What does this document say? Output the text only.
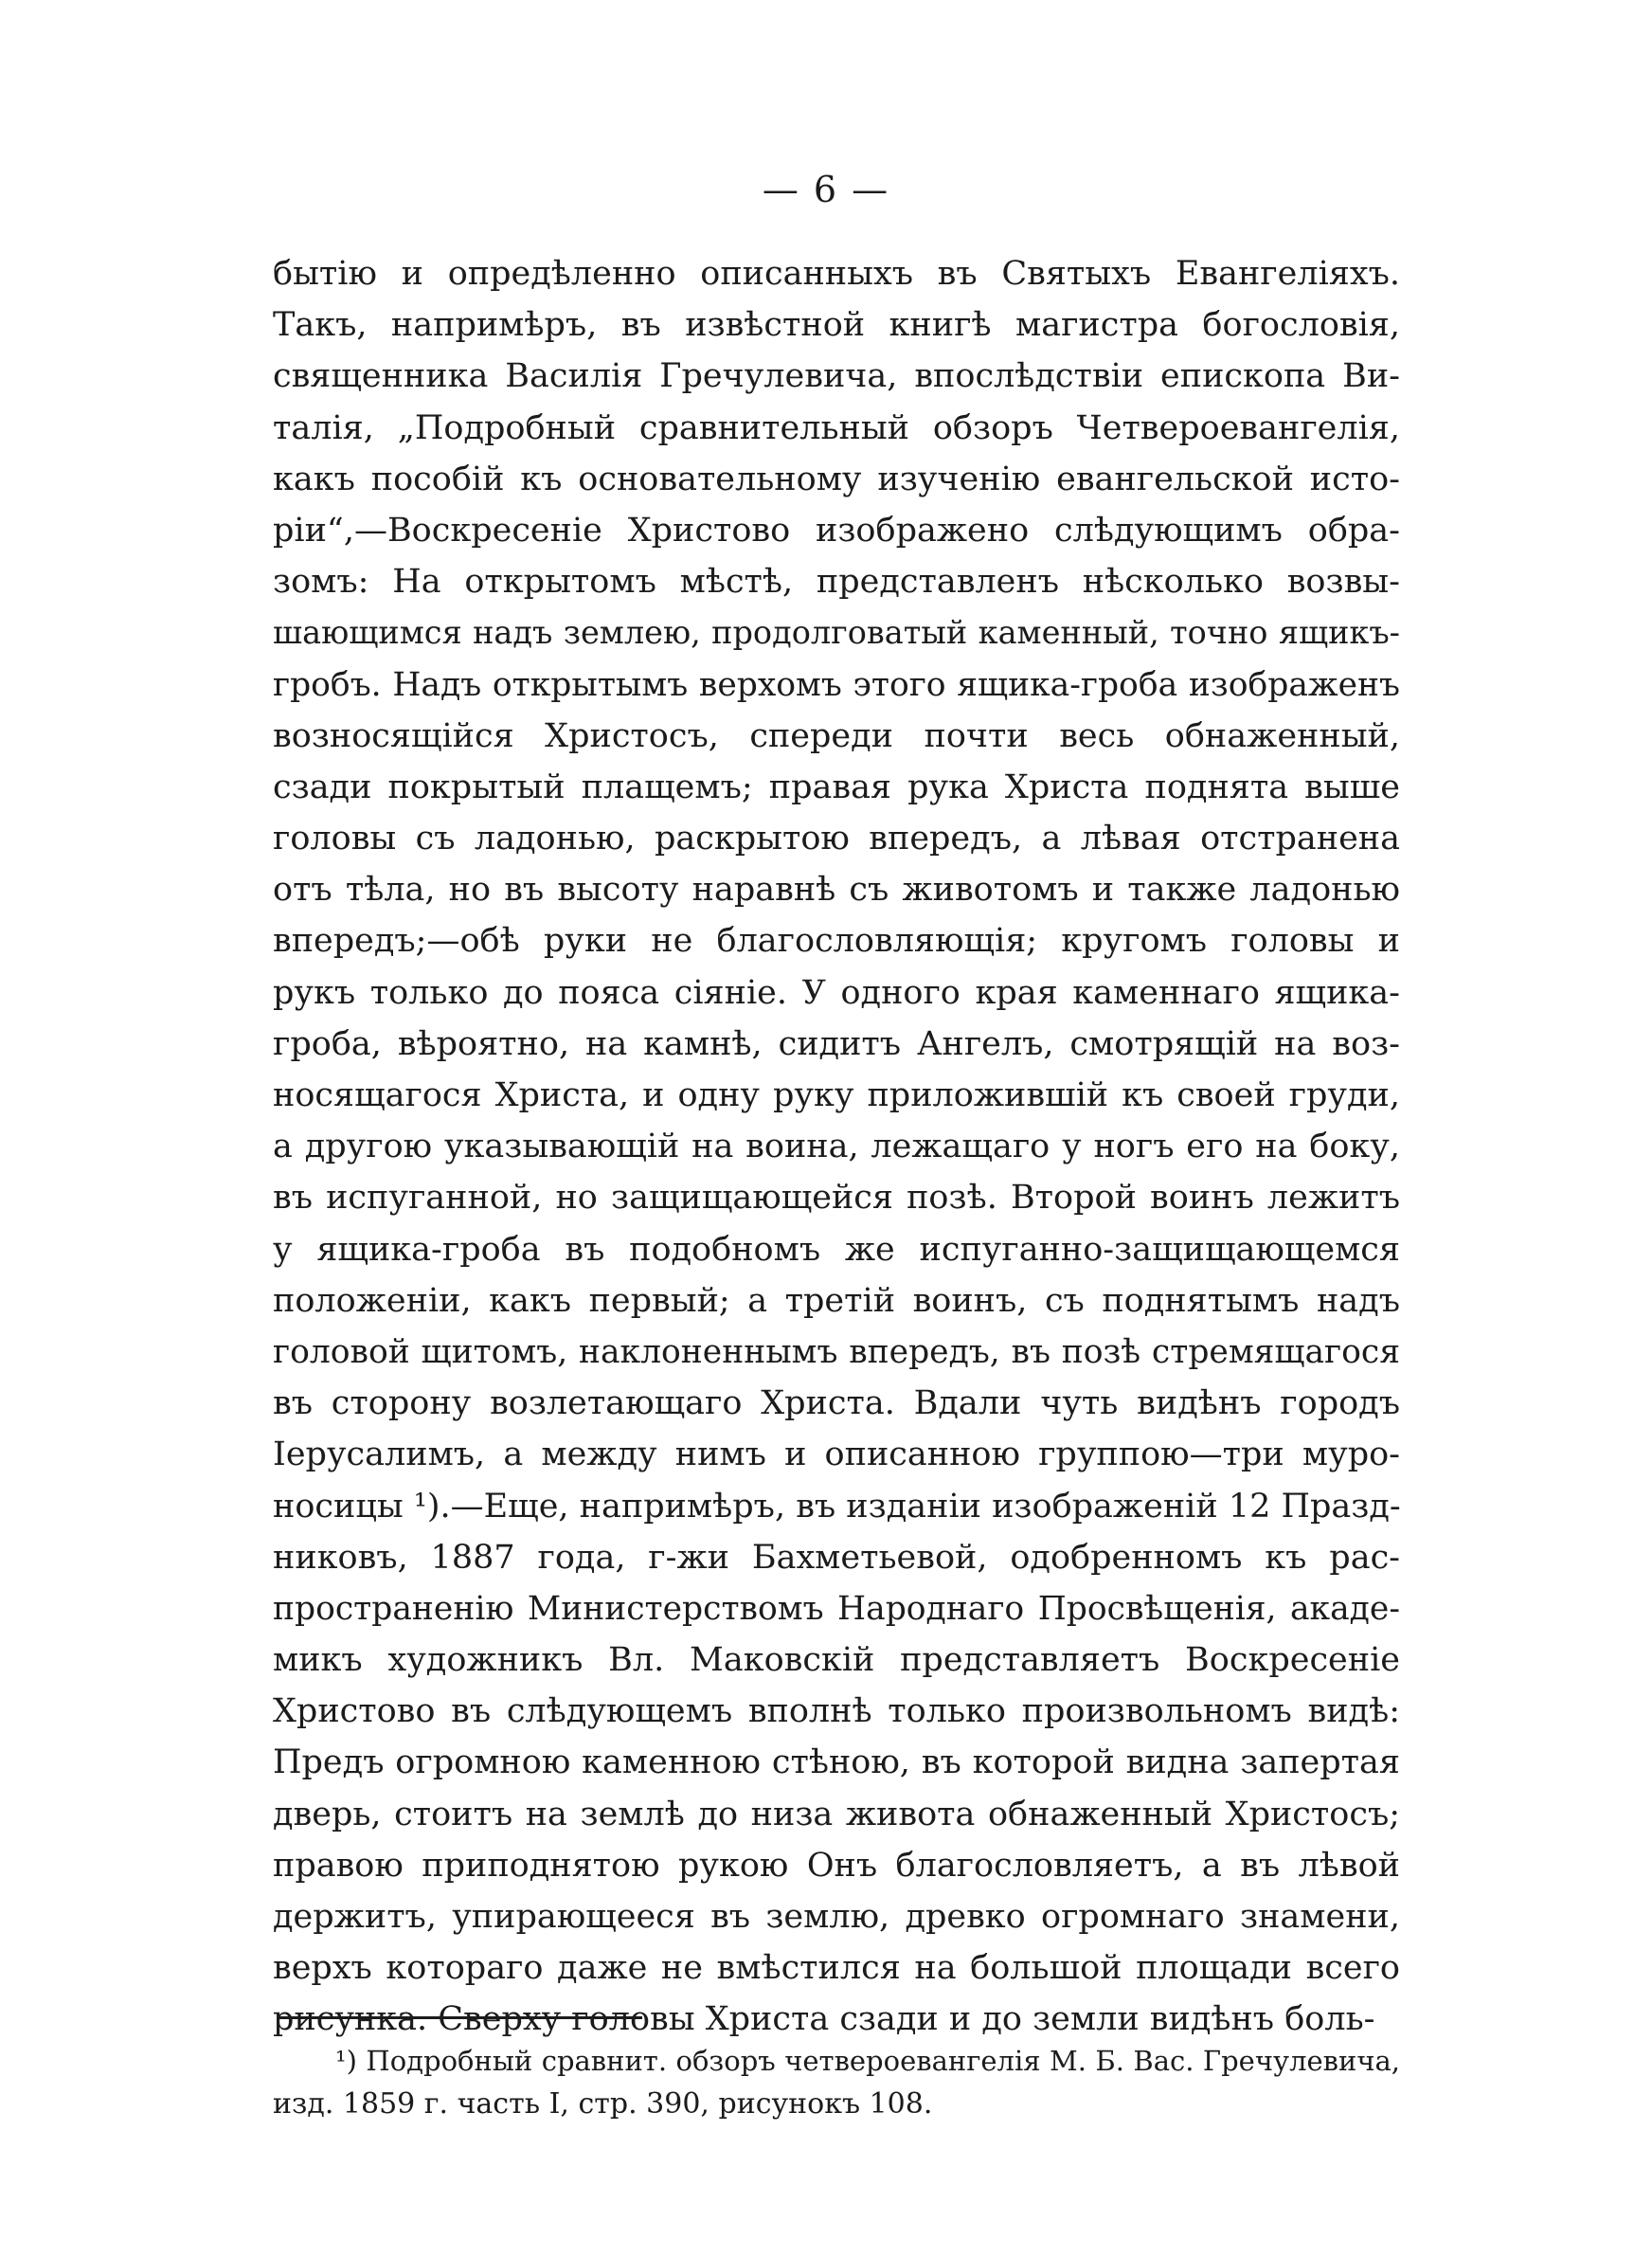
— 6 —
бытію и опредѣленно описанныхъ въ Святыхъ Евангеліяхъ.
Такъ, напримѣръ, въ извѣстной книгѣ магистра богословія,
священника Василія Гречулевича, впослѣдствіи епископа Ви-
талія, „Подробный сравнительный обзоръ Четвероевангелія,
какъ пособій къ основательному изученію евангельской исто-
ріи“,—Воскресеніе Христово изображено слѣдующимъ обра-
зомъ: На открытомъ мѣстѣ, представленъ нѣсколько возвы-
шающимся надъ землею, продолговатый каменный, точно ящикъ-
гробъ. Надъ открытымъ верхомъ этого ящика-гроба изображенъ
возносящійся Христосъ, спереди почти весь обнаженный,
сзади покрытый плащемъ; правая рука Христа поднята выше
головы съ ладонью, раскрытою впередъ, а лѣвая отстранена
отъ тѣла, но въ высоту наравнѣ съ животомъ и также ладонью
впередъ;—обѣ руки не благословляющія; кругомъ головы и
рукъ только до пояса сіяніе. У одного края каменнаго ящика-
гроба, вѣроятно, на камнѣ, сидитъ Ангелъ, смотрящій на воз-
носящагося Христа, и одну руку приложившій къ своей груди,
а другою указывающій на воина, лежащаго у ногъ его на боку,
въ испуганной, но защищающейся позѣ. Второй воинъ лежитъ
у ящика-гроба въ подобномъ же испуганно-защищающемся
положеніи, какъ первый; а третій воинъ, съ поднятымъ надъ
головой щитомъ, наклоненнымъ впередъ, въ позѣ стремящагося
въ сторону возлетающаго Христа. Вдали чуть видѣнъ городъ
Іерусалимъ, а между нимъ и описанною группою—три муро-
носицы ¹).—Еще, напримѣръ, въ изданіи изображеній 12 Празд-
никовъ, 1887 года, г-жи Бахметьевой, одобренномъ къ рас-
пространенію Министерствомъ Народнаго Просвѣщенія, акаде-
микъ художникъ Вл. Маковскій представляетъ Воскресеніе
Христово въ слѣдующемъ вполнѣ только произвольномъ видѣ:
Предъ огромною каменною стѣною, въ которой видна запертая
дверь, стоитъ на землѣ до низа живота обнаженный Христосъ;
правою приподнятою рукою Онъ благословляетъ, а въ лѣвой
держитъ, упирающееся въ землю, древко огромнаго знамени,
верхъ котораго даже не вмѣстился на большой площади всего
рисунка. Сверху головы Христа сзади и до земли видѣнъ боль-
¹) Подробный сравнит. обзоръ четвероевангелія М. Б. Вас. Гречулевича,
изд. 1859 г. часть I, стр. 390, рисунокъ 108.
